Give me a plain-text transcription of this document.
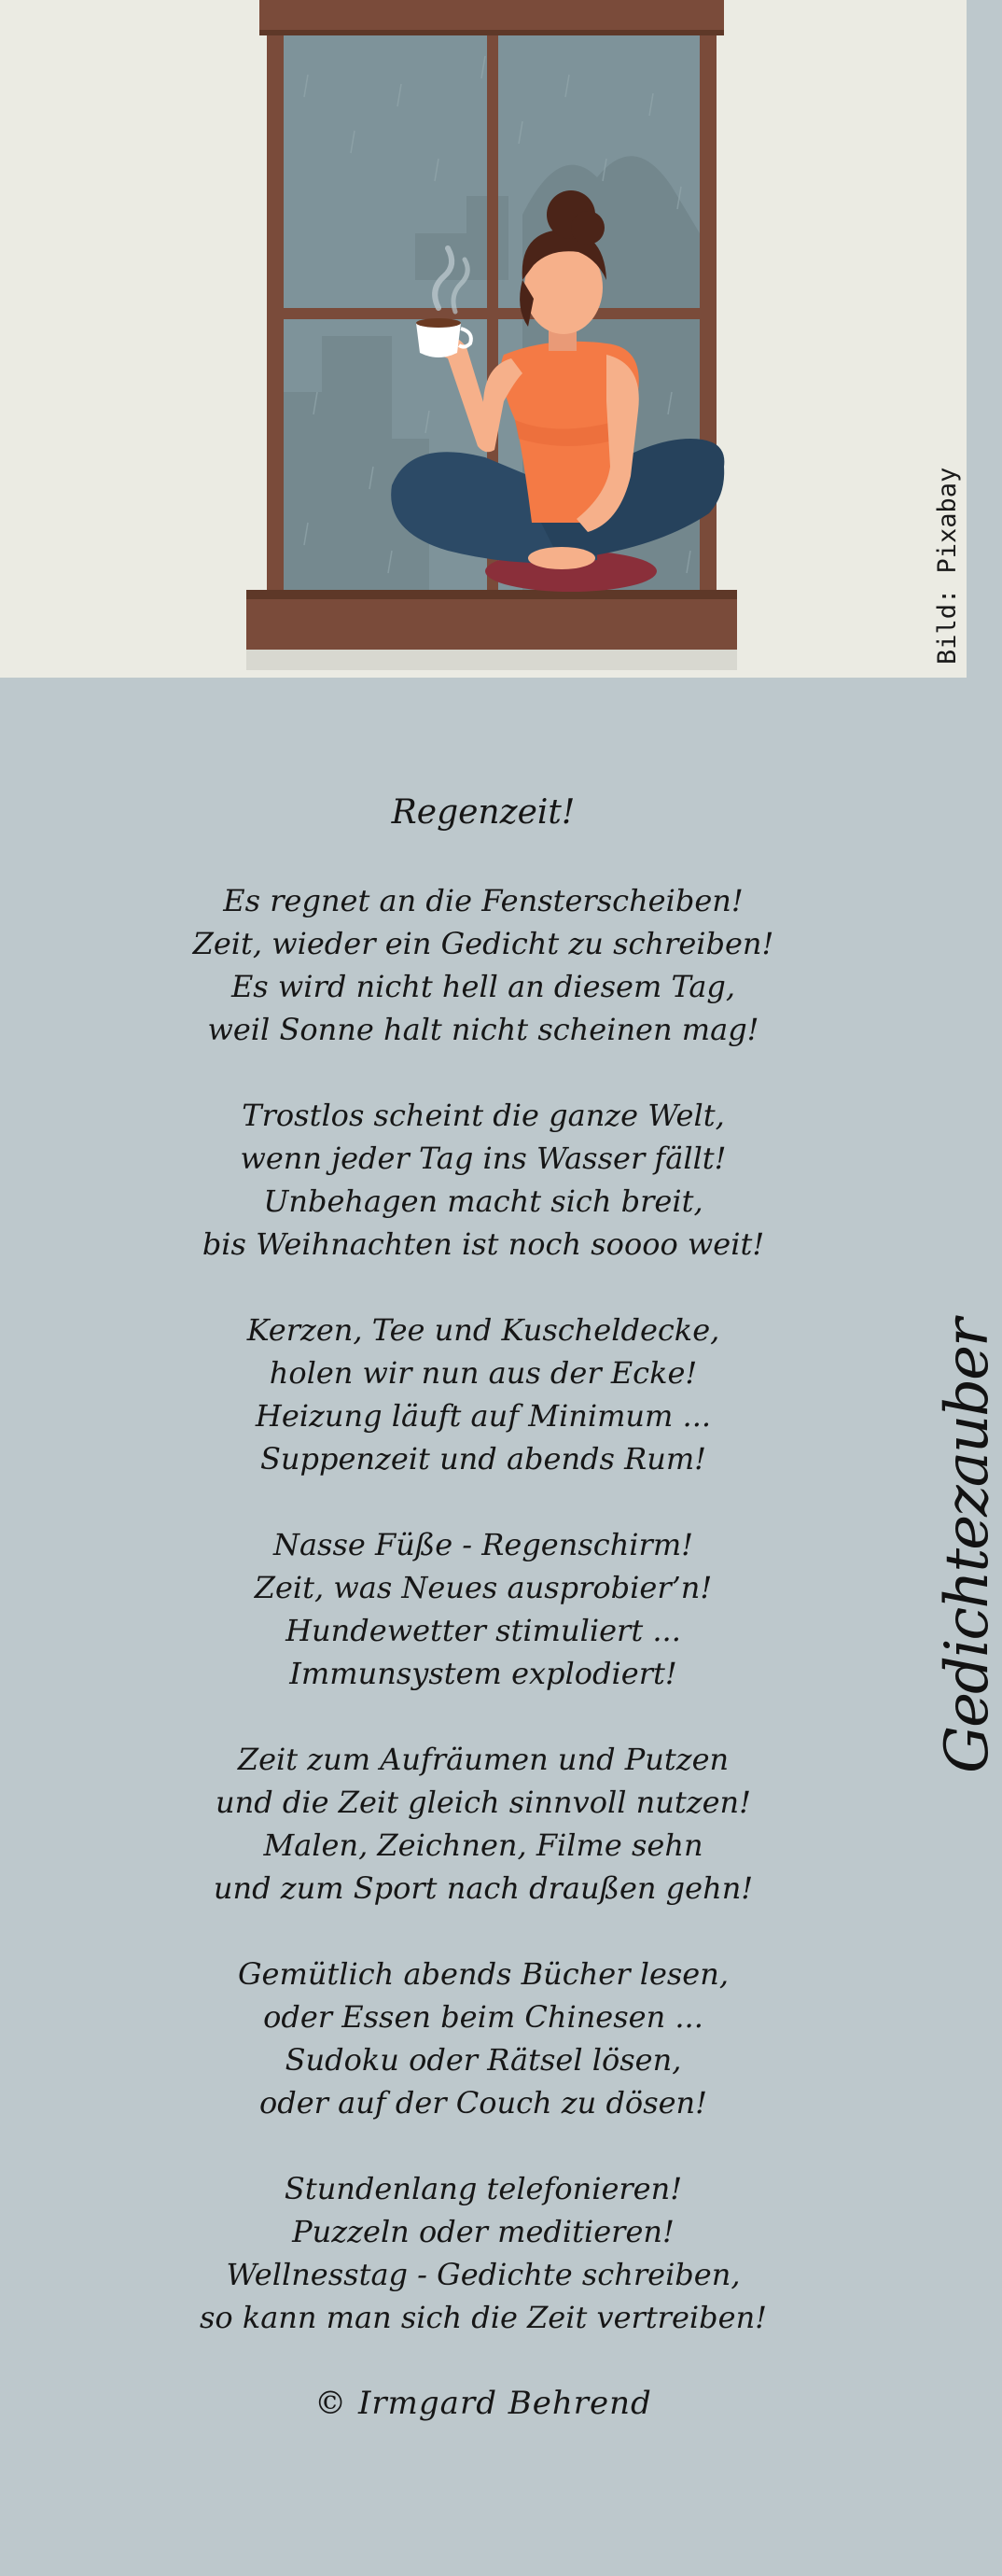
Bild: Pixabay
Regenzeit!
Es regnet an die Fensterscheiben!
Zeit, wieder ein Gedicht zu schreiben!
Es wird nicht hell an diesem Tag,
weil Sonne halt nicht scheinen mag!
Trostlos scheint die ganze Welt,
wenn jeder Tag ins Wasser fällt!
Unbehagen macht sich breit,
bis Weihnachten ist noch soooo weit!
Kerzen, Tee und Kuscheldecke,
holen wir nun aus der Ecke!
Heizung läuft auf Minimum ...
Suppenzeit und abends Rum!
Nasse Füße - Regenschirm!
Zeit, was Neues ausprobier’n!
Hundewetter stimuliert ...
Immunsystem explodiert!
Zeit zum Aufräumen und Putzen
und die Zeit gleich sinnvoll nutzen!
Malen, Zeichnen, Filme sehn
und zum Sport nach draußen gehn!
Gemütlich abends Bücher lesen,
oder Essen beim Chinesen ...
Sudoku oder Rätsel lösen,
oder auf der Couch zu dösen!
Stundenlang telefonieren!
Puzzeln oder meditieren!
Wellnesstag - Gedichte schreiben,
so kann man sich die Zeit vertreiben!
© Irmgard Behrend
Gedichtezauber
